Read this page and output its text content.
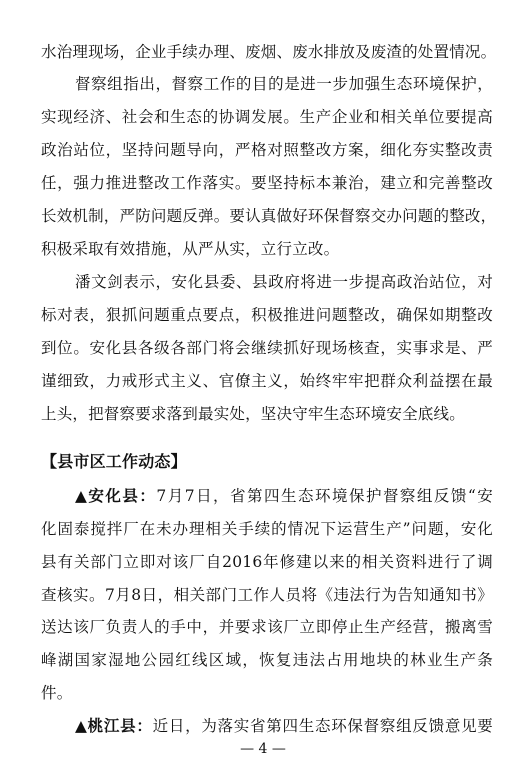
水治理现场，企业手续办理、废烟、废水排放及废渣的处置情况。
督察组指出，督察工作的目的是进一步加强生态环境保护，
实现经济、社会和生态的协调发展。生产企业和相关单位要提高
政治站位，坚持问题导向，严格对照整改方案，细化夯实整改责
任，强力推进整改工作落实。要坚持标本兼治，建立和完善整改
长效机制，严防问题反弹。要认真做好环保督察交办问题的整改，
积极采取有效措施，从严从实，立行立改。
潘文剑表示，安化县委、县政府将进一步提高政治站位，对
标对表，狠抓问题重点要点，积极推进问题整改，确保如期整改
到位。安化县各级各部门将会继续抓好现场核查，实事求是、严
谨细致，力戒形式主义、官僚主义，始终牢牢把群众利益摆在最
上头，把督察要求落到最实处，坚决守牢生态环境安全底线。
【县市区工作动态】
▲安化县：7月7日，省第四生态环境保护督察组反馈“安
化固泰搅拌厂在未办理相关手续的情况下运营生产”问题，安化
县有关部门立即对该厂自2016年修建以来的相关资料进行了调
查核实。7月8日，相关部门工作人员将《违法行为告知通知书》
送达该厂负责人的手中，并要求该厂立即停止生产经营，搬离雪
峰湖国家湿地公园红线区域，恢复违法占用地块的林业生产条
件。
▲桃江县：近日，为落实省第四生态环保督察组反馈意见要
— 4 —
